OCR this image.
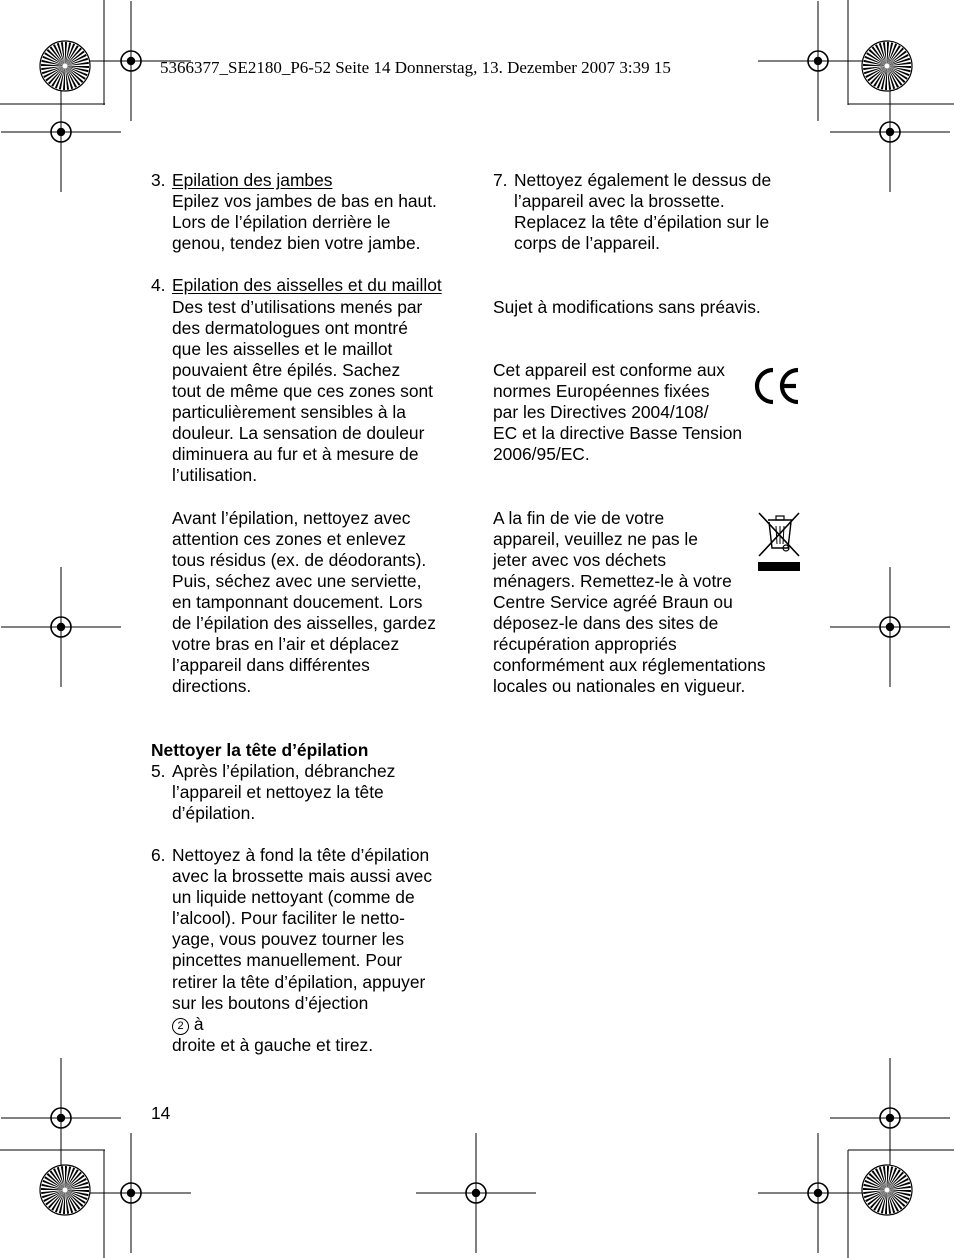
5366377_SE2180_P6-52 Seite 14 Donnerstag, 13. Dezember 2007 3:39 15
3. Epilation des jambes
Epilez vos jambes de bas en haut.
Lors de l’épilation derrière le
genou, tendez bien votre jambe.
4. Epilation des aisselles et du maillot
Des test d’utilisations menés par
des dermatologues ont montré
que les aisselles et le maillot
pouvaient être épilés. Sachez
tout de même que ces zones sont
particulièrement sensibles à la
douleur. La sensation de douleur
diminuera au fur et à mesure de
l’utilisation.
Avant l’épilation, nettoyez avec
attention ces zones et enlevez
tous résidus (ex. de déodorants).
Puis, séchez avec une serviette,
en tamponnant doucement. Lors
de l’épilation des aisselles, gardez
votre bras en l’air et déplacez
l’appareil dans différentes
directions.
Nettoyer la tête d’épilation
5. Après l’épilation, débranchez
l’appareil et nettoyez la tête
d’épilation.
6. Nettoyez à fond la tête d’épilation
avec la brossette mais aussi avec
un liquide nettoyant (comme de
l’alcool). Pour faciliter le netto-
yage, vous pouvez tourner les
pincettes manuellement. Pour
retirer la tête d’épilation, appuyer
sur les boutons d’éjection
2 à
droite et à gauche et tirez.
7. Nettoyez également le dessus de
l’appareil avec la brossette.
Replacez la tête d’épilation sur le
corps de l’appareil.
Sujet à modifications sans préavis.
Cet appareil est conforme aux
normes Européennes fixées
par les Directives 2004/108/
EC et la directive Basse Tension
2006/95/EC.
A la fin de vie de votre
appareil, veuillez ne pas le
jeter avec vos déchets
ménagers. Remettez-le à votre
Centre Service agréé Braun ou
déposez-le dans des sites de
récupération appropriés
conformément aux réglementations
locales ou nationales en vigueur.
14
